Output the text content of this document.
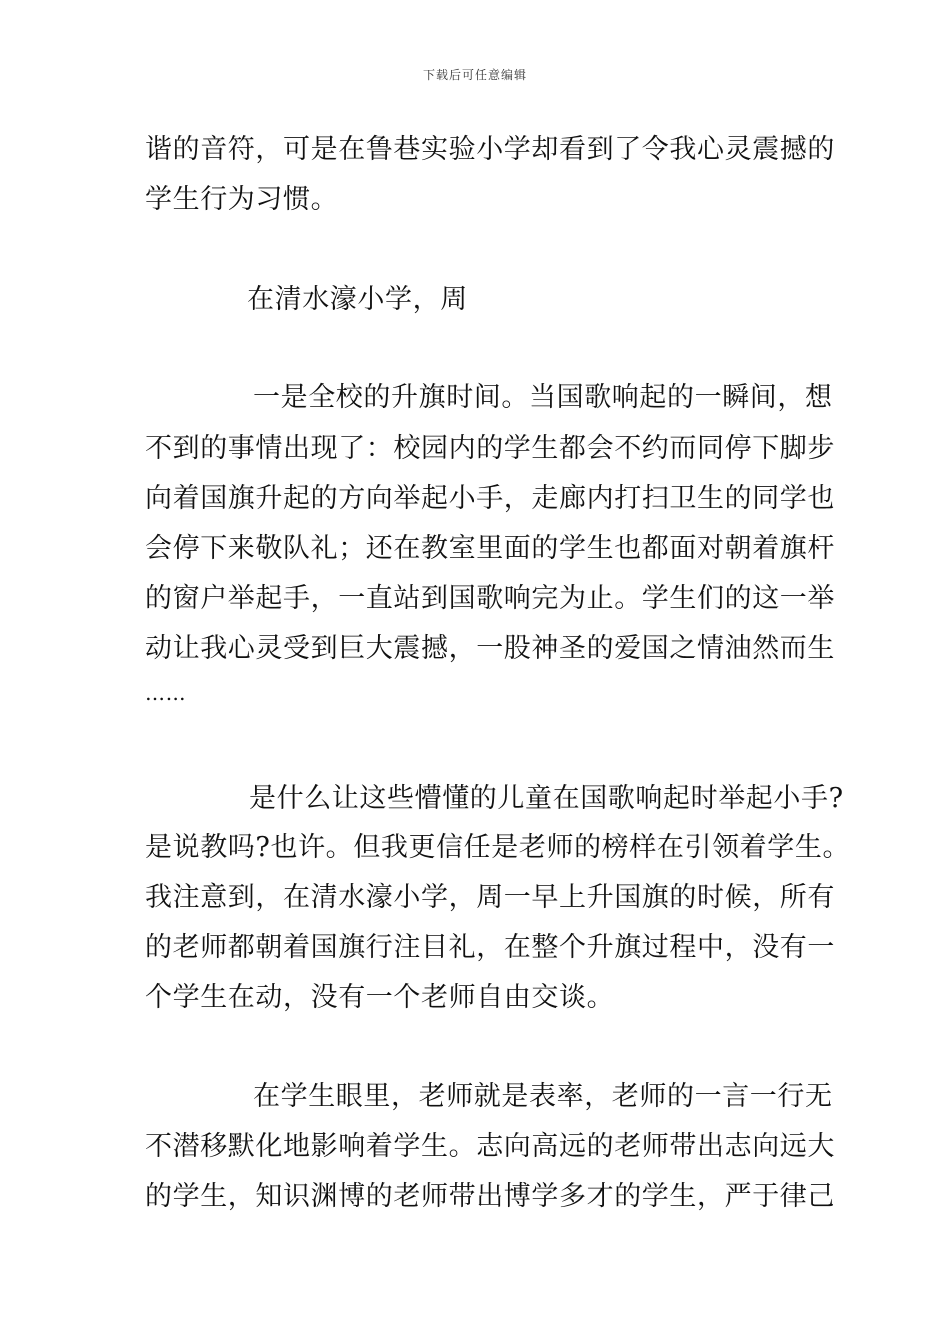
下载后可任意编辑
谐的音符，可是在鲁巷实验小学却看到了令我心灵震撼的
学生行为习惯。
在清水濠小学，周
一是全校的升旗时间。当国歌响起的一瞬间，想
不到的事情出现了：校园内的学生都会不约而同停下脚步
向着国旗升起的方向举起小手，走廊内打扫卫生的同学也
会停下来敬队礼；还在教室里面的学生也都面对朝着旗杆
的窗户举起手，一直站到国歌响完为止。学生们的这一举
动让我心灵受到巨大震撼，一股神圣的爱国之情油然而生
……
是什么让这些懵懂的儿童在国歌响起时举起小手?
是说教吗?也许。但我更信任是老师的榜样在引领着学生。
我注意到，在清水濠小学，周一早上升国旗的时候，所有
的老师都朝着国旗行注目礼，在整个升旗过程中，没有一
个学生在动，没有一个老师自由交谈。
在学生眼里，老师就是表率，老师的一言一行无
不潜移默化地影响着学生。志向高远的老师带出志向远大
的学生，知识渊博的老师带出博学多才的学生，严于律己
